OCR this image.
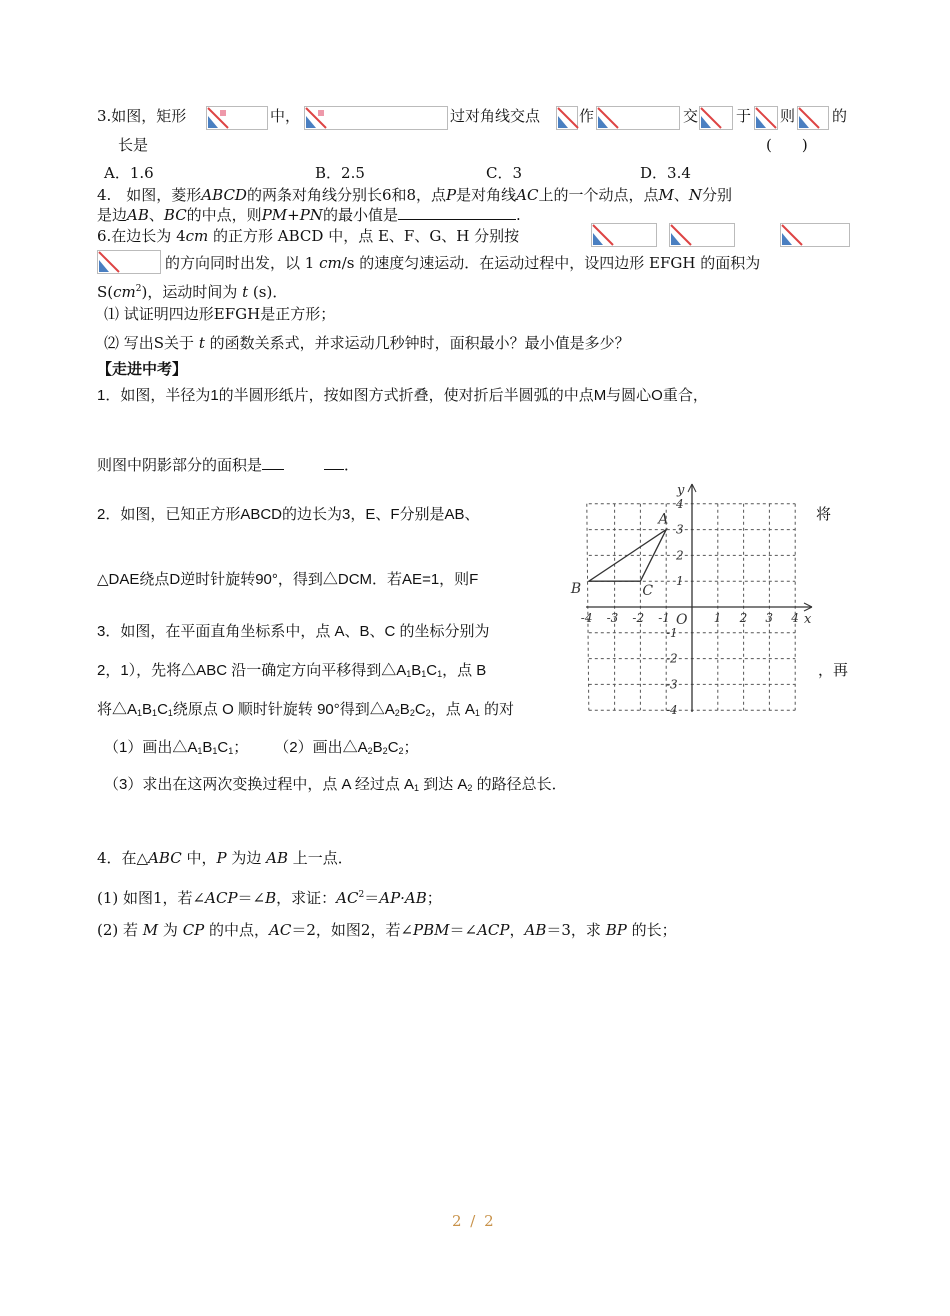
3.如图，矩形	中，	过对角线交点	作	交	于 则 的
长是	(　　)
A．1.6	B．2.5	C．3	D．3.4
4.　如图，菱形ABCD的两条对角线分别长6和8，点P是对角线AC上的一个动点，点M、N分别
是边AB、BC的中点，则PM+PN的最小值是	.
6.在边长为 4cm 的正方形 ABCD 中，点 E、F、G、H 分别按
的方向同时出发，以 1 cm/s 的速度匀速运动．在运动过程中，设四边形 EFGH 的面积为
$S(cm^2)$，运动时间为 t (s)．
⑴ 试证明四边形EFGH是正方形；
⑵ 写出S关于 t 的函数关系式，并求运动几秒钟时，面积最小？最小值是多少？
【走进中考】
1．如图，半径为1的半圆形纸片，按如图方式折叠，使对折后半圆弧的中点M与圆心O重合，
则图中阴影部分的面积是	．
2．如图，已知正方形ABCD的边长为3，E、F分别是AB、	将
△DAE绕点D逆时针旋转90°，得到△DCM．若AE=1，则F
3．如图，在平面直角坐标系中，点 A、B、C 的坐标分别为
2，1），先将△ABC 沿一确定方向平移得到$\triangle A_1B_1C_1$，点 B	，再
将$\triangle A_1B_1C_1$绕原点 O 顺时针旋转 90°得到$\triangle A_2B_2C_2$，点 $A_1$ 的对
（1）画出$\triangle A_1B_1C_1$； （2）画出$\triangle A_2B_2C_2$；
（3）求出在这两次变换过程中，点 A 经过点 $A_1$ 到达 $A_2$ 的路径总长．
4．在△ABC 中，P 为边 AB 上一点．
(1) 如图1，若∠ACP＝∠B，求证：$AC^2=AP\cdot AB$；
(2) 若 M 为 CP 的中点，AC＝2，如图2，若∠PBM＝∠ACP，AB＝3，求 BP 的长；
-4 -3 -2 -1	1 2 3 4
4
3
2
1
-1
-2
-3
-4
x
y
O
A
B	C
2 / 2
